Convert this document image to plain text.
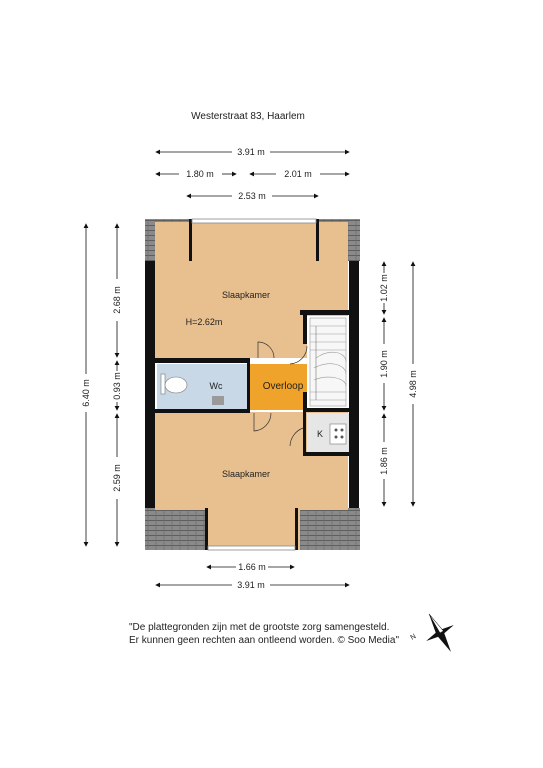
Westerstraat 83, Haarlem
3.91 m
1.80 m	2.01 m
2.53 m
Slaapkamer
H=2.62m
Wc	Overloop
K
Slaapkamer
6.40 m
2.68 m
0.93 m
2.59 m
1.02 m
1.90 m
1.86 m
4.98 m
1.66 m
3.91 m
"De plattegronden zijn met de grootste zorg samengesteld.
Er kunnen geen rechten aan ontleend worden. © Soo Media" N
